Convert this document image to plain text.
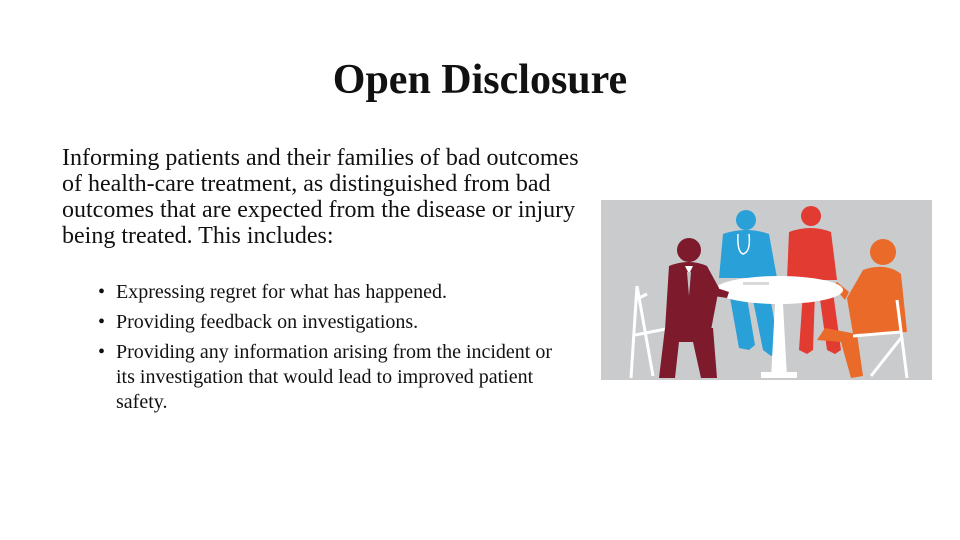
Open Disclosure

Informing patients and their families of bad outcomes of health-care treatment, as distinguished from bad outcomes that are expected from the disease or injury being treated. This includes:

• Expressing regret for what has happened.
• Providing feedback on investigations.
• Providing any information arising from the incident or its investigation that would lead to improved patient safety.
